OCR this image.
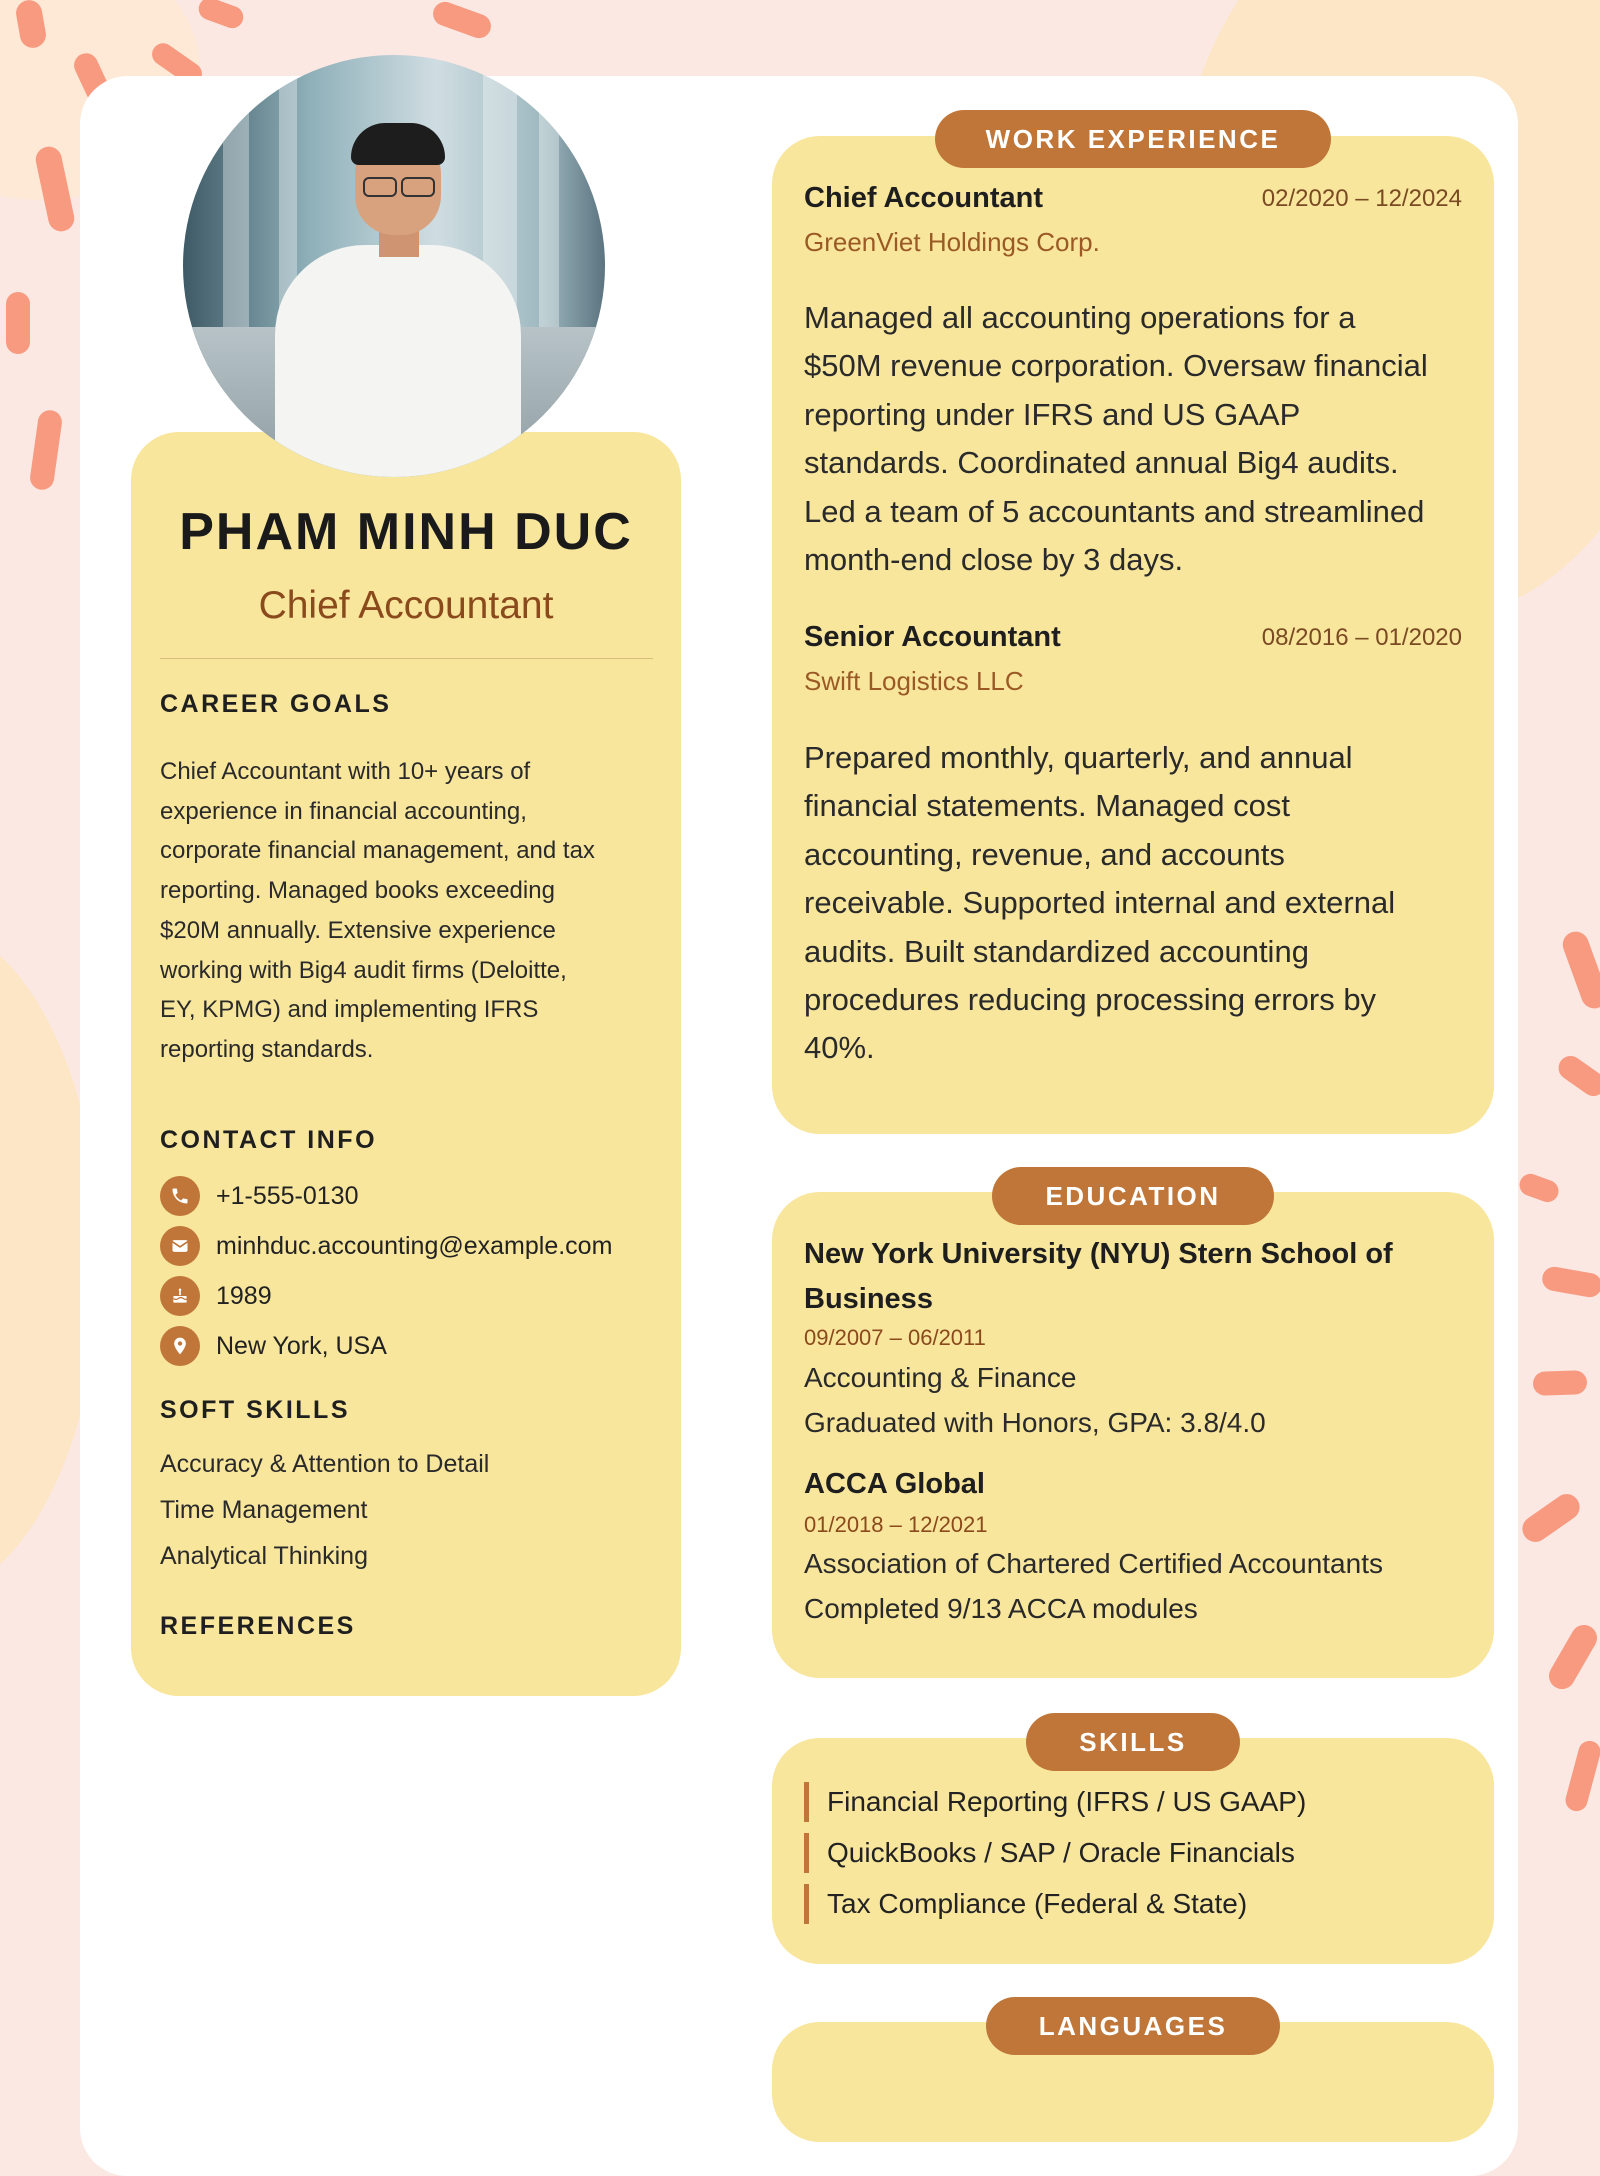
PHAM MINH DUC
Chief Accountant
CAREER GOALS
Chief Accountant with 10+ years of
experience in financial accounting,
corporate financial management, and tax
reporting. Managed books exceeding
$20M annually. Extensive experience
working with Big4 audit firms (Deloitte,
EY, KPMG) and implementing IFRS
reporting standards.
CONTACT INFO
+1-555-0130
minhduc.accounting@example.com
1989
New York, USA
SOFT SKILLS
Accuracy & Attention to Detail
Time Management
Analytical Thinking
REFERENCES
WORK EXPERIENCE
Chief Accountant	02/2020 – 12/2024
GreenViet Holdings Corp.
Managed all accounting operations for a
$50M revenue corporation. Oversaw financial
reporting under IFRS and US GAAP
standards. Coordinated annual Big4 audits.
Led a team of 5 accountants and streamlined
month-end close by 3 days.
Senior Accountant	08/2016 – 01/2020
Swift Logistics LLC
Prepared monthly, quarterly, and annual
financial statements. Managed cost
accounting, revenue, and accounts
receivable. Supported internal and external
audits. Built standardized accounting
procedures reducing processing errors by
40%.
EDUCATION
New York University (NYU) Stern School of
Business
09/2007 – 06/2011
Accounting & Finance
Graduated with Honors, GPA: 3.8/4.0
ACCA Global
01/2018 – 12/2021
Association of Chartered Certified Accountants
Completed 9/13 ACCA modules
SKILLS
Financial Reporting (IFRS / US GAAP)
QuickBooks / SAP / Oracle Financials
Tax Compliance (Federal & State)
LANGUAGES
